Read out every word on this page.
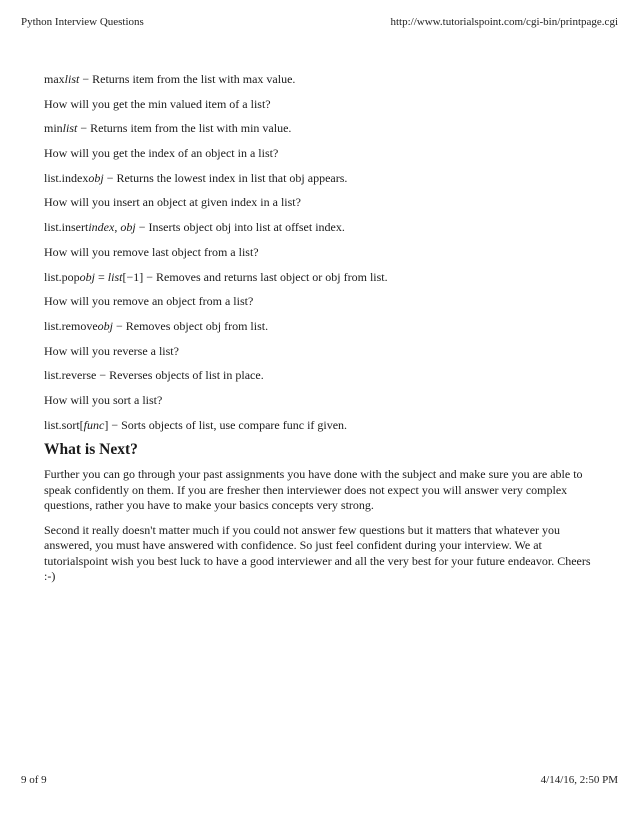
Python Interview Questions	http://www.tutorialspoint.com/cgi-bin/printpage.cgi
maxlist − Returns item from the list with max value.
How will you get the min valued item of a list?
minlist − Returns item from the list with min value.
How will you get the index of an object in a list?
list.indexobj − Returns the lowest index in list that obj appears.
How will you insert an object at given index in a list?
list.insertindex, obj − Inserts object obj into list at offset index.
How will you remove last object from a list?
list.popobj = list[−1] − Removes and returns last object or obj from list.
How will you remove an object from a list?
list.removeobj − Removes object obj from list.
How will you reverse a list?
list.reverse − Reverses objects of list in place.
How will you sort a list?
list.sort[func] − Sorts objects of list, use compare func if given.
What is Next?

Further you can go through your past assignments you have done with the subject and make sure you are able to speak confidently on them. If you are fresher then interviewer does not expect you will answer very complex questions, rather you have to make your basics concepts very strong.

Second it really doesn't matter much if you could not answer few questions but it matters that whatever you answered, you must have answered with confidence. So just feel confident during your interview. We at tutorialspoint wish you best luck to have a good interviewer and all the very best for your future endeavor. Cheers :-)

9 of 9	4/14/16, 2:50 PM
